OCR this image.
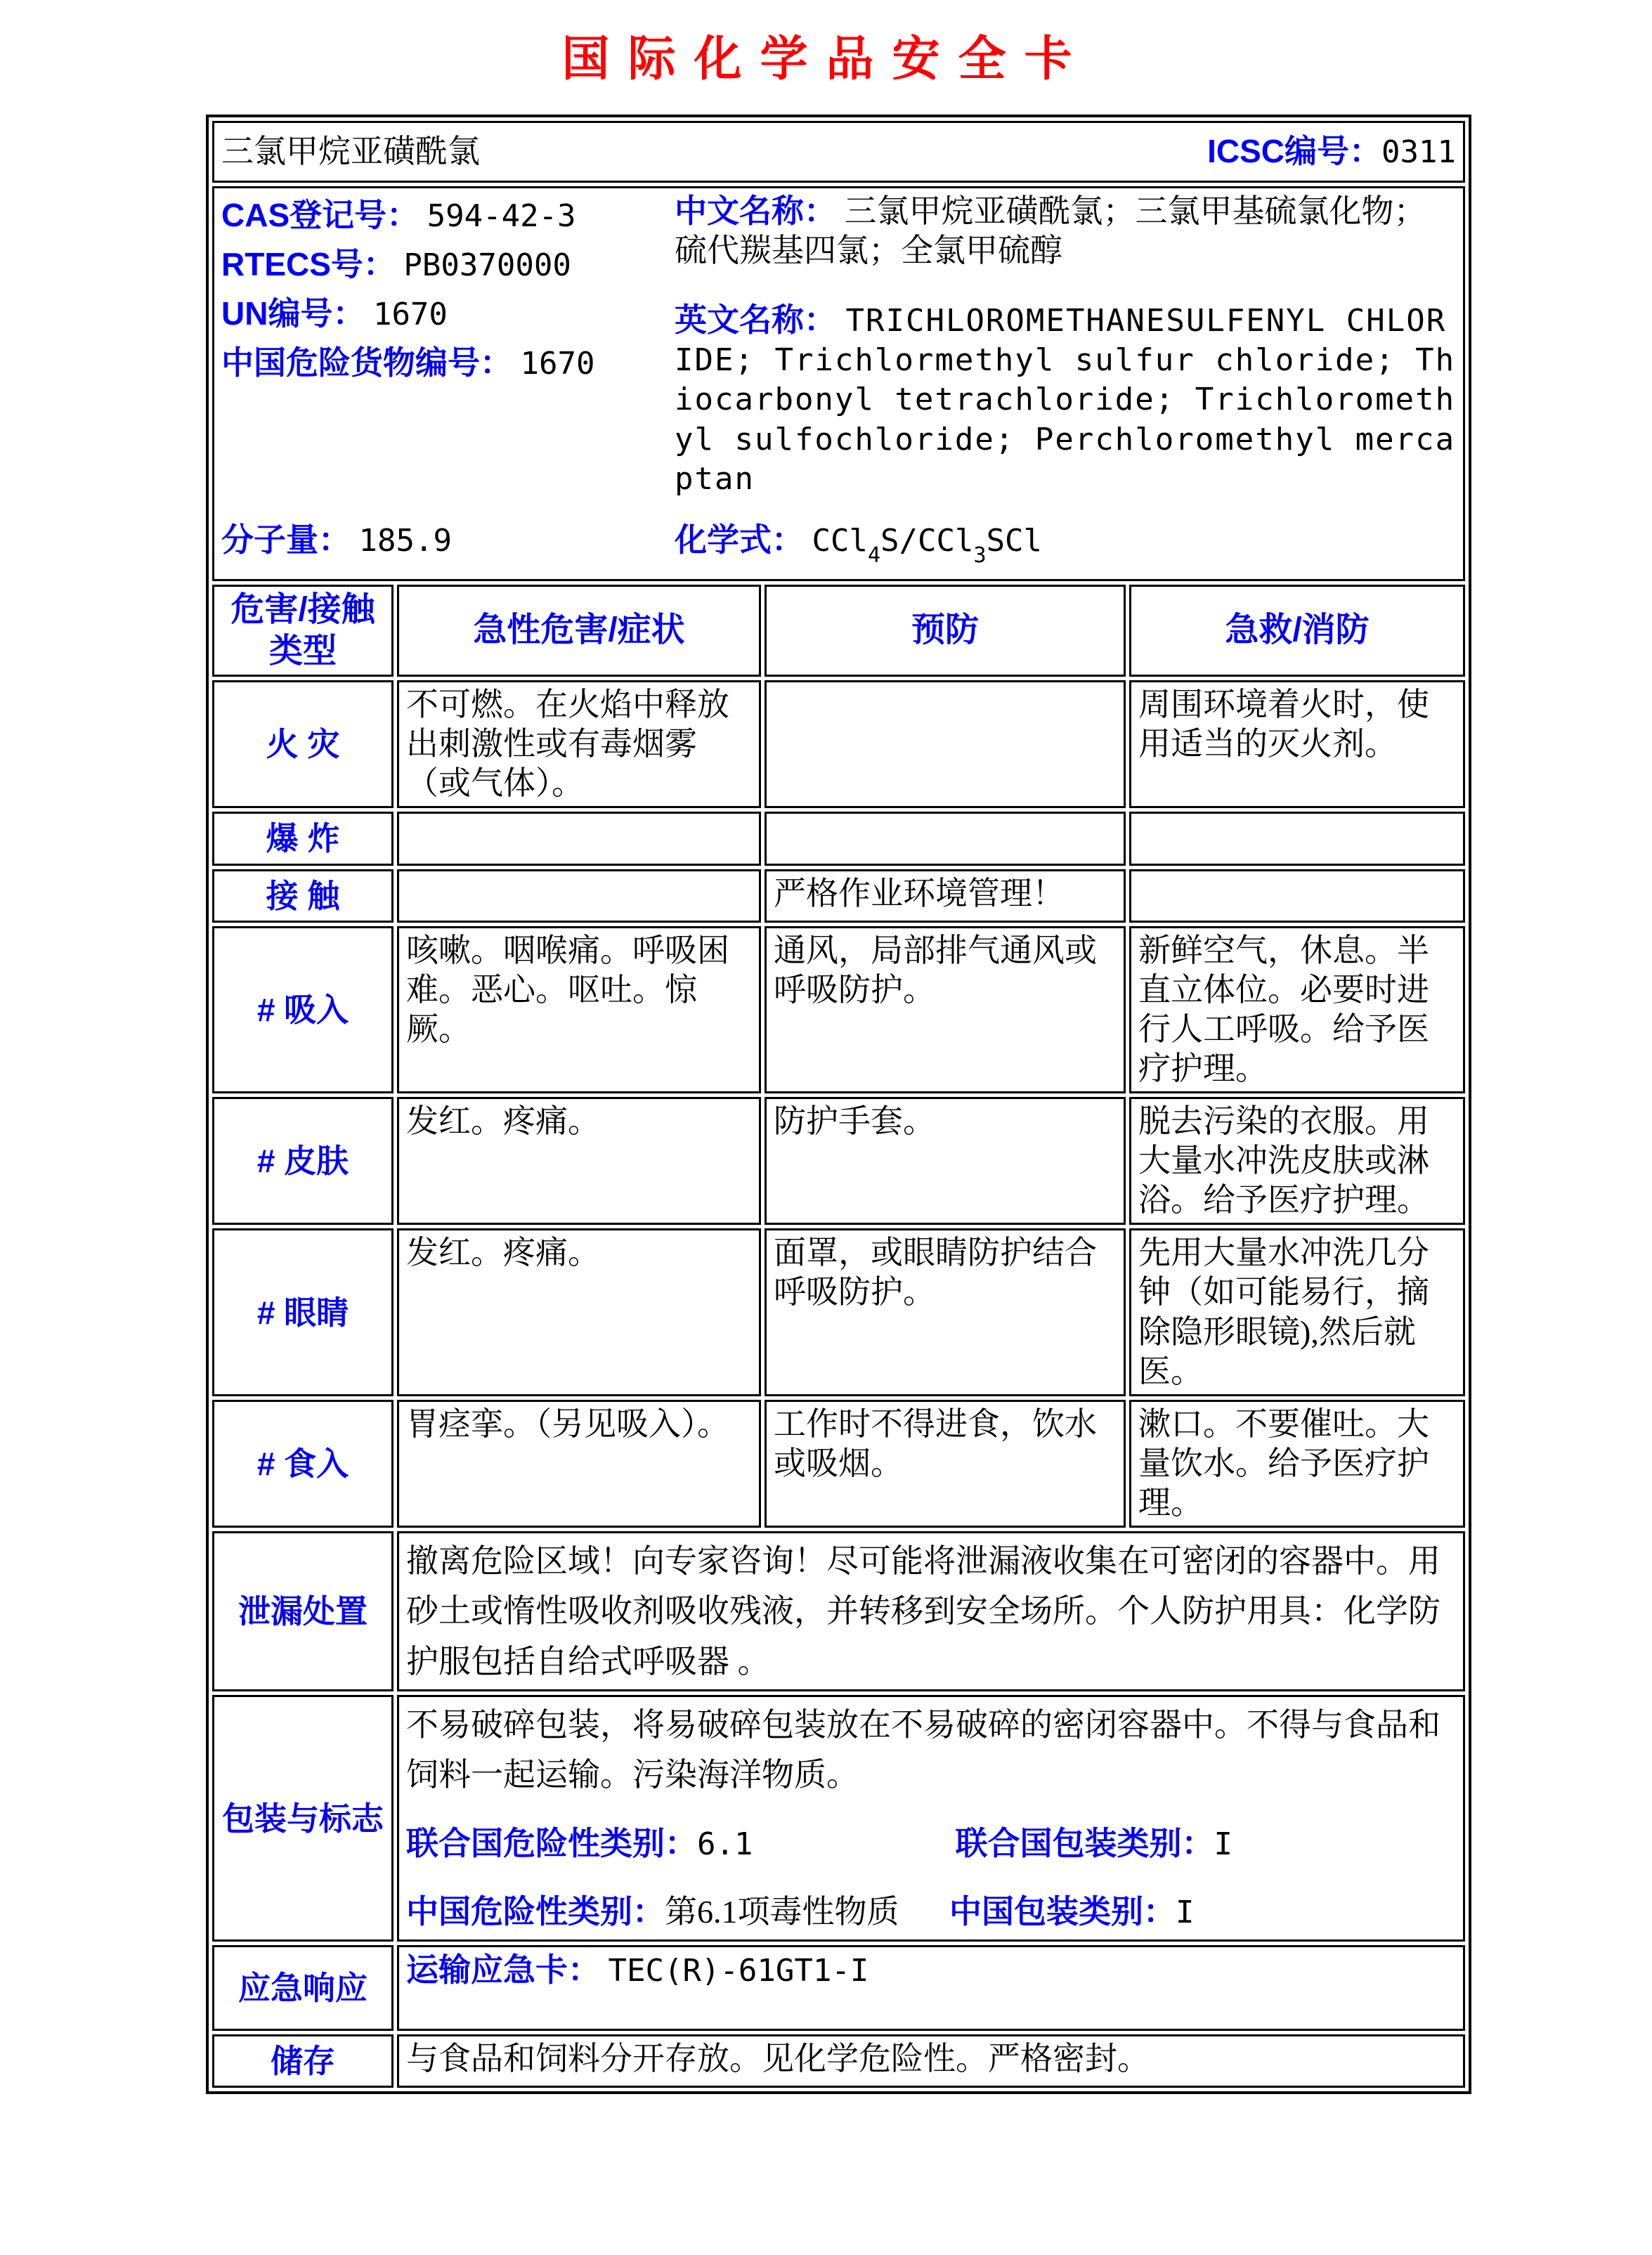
国际化学品安全卡
三氯甲烷亚磺酰氯 ICSC编号：0311			

CAS登记号： 594-42-3
RTECS号： PB0370000
UN编号： 1670
中国危险货物编号： 1670
中文名称： 三氯甲烷亚磺酰氯；三氯甲基硫氯化物；硫代羰基四氯；全氯甲硫醇
英文名称： TRICHLOROMETHANESULFENYL CHLORIDE; Trichlormethyl sulfur chloride; Thiocarbonyl tetrachloride; Trichloromethyl sulfochloride; Perchloromethyl mercaptan
分子量： 185.9	化学式： CCl$_4$S/CCl$_3$SCl

危害/接触类型	急性危害/症状	预防	急救/消防
火 灾	不可燃。在火焰中释放出刺激性或有毒烟雾（或气体）。		周围环境着火时，使用适当的灭火剂。
爆 炸			
接 触		严格作业环境管理！	
# 吸入	咳嗽。咽喉痛。呼吸困难。恶心。呕吐。惊厥。	通风，局部排气通风或呼吸防护。	新鲜空气，休息。半直立体位。必要时进行人工呼吸。给予医疗护理。
# 皮肤	发红。疼痛。	防护手套。	脱去污染的衣服。用大量水冲洗皮肤或淋浴。给予医疗护理。
# 眼睛	发红。疼痛。	面罩，或眼睛防护结合呼吸防护。	先用大量水冲洗几分钟（如可能易行，摘除隐形眼镜),然后就医。
# 食入	胃痉挛。（另见吸入）。	工作时不得进食，饮水或吸烟。	漱口。不要催吐。大量饮水。给予医疗护理。
泄漏处置	撤离危险区域！向专家咨询！尽可能将泄漏液收集在可密闭的容器中。用砂土或惰性吸收剂吸收残液，并转移到安全场所。个人防护用具：化学防护服包括自给式呼吸器 。		
包装与标志	不易破碎包装，将易破碎包装放在不易破碎的密闭容器中。不得与食品和饲料一起运输。污染海洋物质。
联合国危险性类别：6.1 联合国包装类别：I
中国危险性类别：第6.1项毒性物质 中国包装类别：I		

应急响应	运输应急卡： TEC(R)-61GT1-I		
储存	与食品和饲料分开存放。见化学危险性。严格密封。		
